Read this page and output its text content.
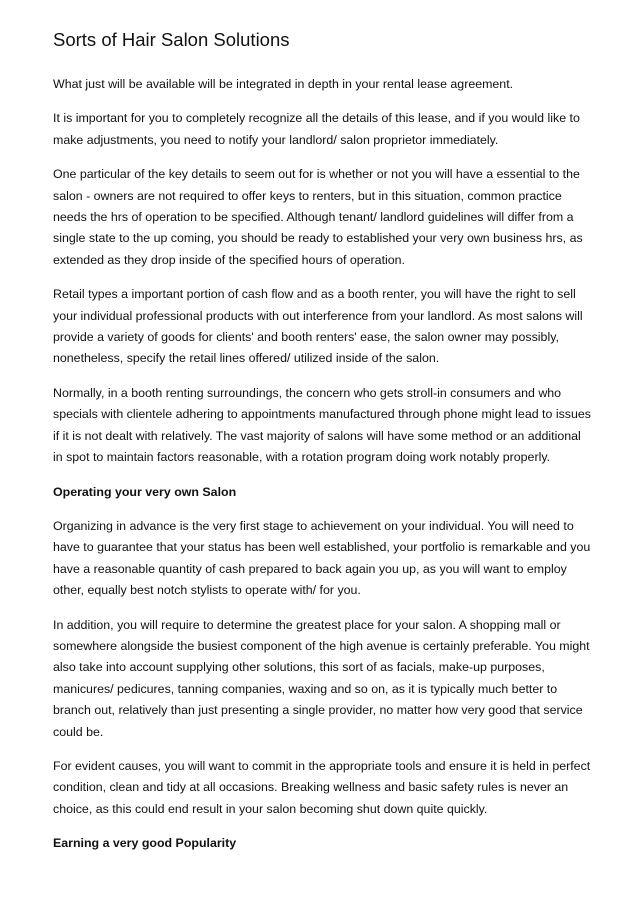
Sorts of Hair Salon Solutions

What just will be available will be integrated in depth in your rental lease agreement.

It is important for you to completely recognize all the details of this lease, and if you would like to make adjustments, you need to notify your landlord/ salon proprietor immediately.

One particular of the key details to seem out for is whether or not you will have a essential to the salon - owners are not required to offer keys to renters, but in this situation, common practice needs the hrs of operation to be specified. Although tenant/ landlord guidelines will differ from a single state to the up coming, you should be ready to established your very own business hrs, as extended as they drop inside of the specified hours of operation.

Retail types a important portion of cash flow and as a booth renter, you will have the right to sell your individual professional products with out interference from your landlord. As most salons will provide a variety of goods for clients' and booth renters' ease, the salon owner may possibly, nonetheless, specify the retail lines offered/ utilized inside of the salon.

Normally, in a booth renting surroundings, the concern who gets stroll-in consumers and who specials with clientele adhering to appointments manufactured through phone might lead to issues if it is not dealt with relatively. The vast majority of salons will have some method or an additional in spot to maintain factors reasonable, with a rotation program doing work notably properly.

Operating your very own Salon

Organizing in advance is the very first stage to achievement on your individual. You will need to have to guarantee that your status has been well established, your portfolio is remarkable and you have a reasonable quantity of cash prepared to back again you up, as you will want to employ other, equally best notch stylists to operate with/ for you.

In addition, you will require to determine the greatest place for your salon. A shopping mall or somewhere alongside the busiest component of the high avenue is certainly preferable. You might also take into account supplying other solutions, this sort of as facials, make-up purposes, manicures/ pedicures, tanning companies, waxing and so on, as it is typically much better to branch out, relatively than just presenting a single provider, no matter how very good that service could be.

For evident causes, you will want to commit in the appropriate tools and ensure it is held in perfect condition, clean and tidy at all occasions. Breaking wellness and basic safety rules is never an choice, as this could end result in your salon becoming shut down quite quickly.

Earning a very good Popularity
